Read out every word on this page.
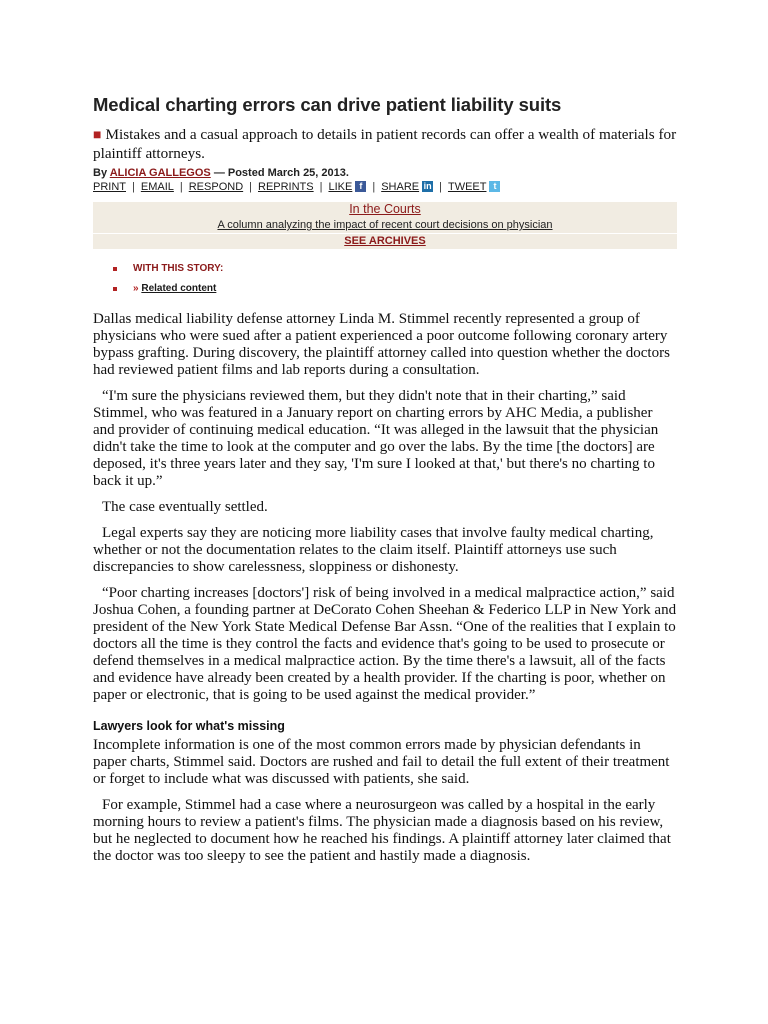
Medical charting errors can drive patient liability suits
■ Mistakes and a casual approach to details in patient records can offer a wealth of materials for plaintiff attorneys.
By ALICIA GALLEGOS — Posted March 25, 2013.
PRINT | EMAIL | RESPOND | REPRINTS | LIKE f | SHARE in | TWEET t
In the Courts
A column analyzing the impact of recent court decisions on physician
SEE ARCHIVES
WITH THIS STORY:
» Related content

Dallas medical liability defense attorney Linda M. Stimmel recently represented a group of physicians who were sued after a patient experienced a poor outcome following coronary artery bypass grafting. During discovery, the plaintiff attorney called into question whether the doctors had reviewed patient films and lab reports during a consultation.

“I'm sure the physicians reviewed them, but they didn't note that in their charting,” said Stimmel, who was featured in a January report on charting errors by AHC Media, a publisher and provider of continuing medical education. “It was alleged in the lawsuit that the physician didn't take the time to look at the computer and go over the labs. By the time [the doctors] are deposed, it's three years later and they say, 'I'm sure I looked at that,' but there's no charting to back it up.”

The case eventually settled.

Legal experts say they are noticing more liability cases that involve faulty medical charting, whether or not the documentation relates to the claim itself. Plaintiff attorneys use such discrepancies to show carelessness, sloppiness or dishonesty.

“Poor charting increases [doctors'] risk of being involved in a medical malpractice action,” said Joshua Cohen, a founding partner at DeCorato Cohen Sheehan & Federico LLP in New York and president of the New York State Medical Defense Bar Assn. “One of the realities that I explain to doctors all the time is they control the facts and evidence that's going to be used to prosecute or defend themselves in a medical malpractice action. By the time there's a lawsuit, all of the facts and evidence have already been created by a health provider. If the charting is poor, whether on paper or electronic, that is going to be used against the medical provider.”

Lawyers look for what's missing

Incomplete information is one of the most common errors made by physician defendants in paper charts, Stimmel said. Doctors are rushed and fail to detail the full extent of their treatment or forget to include what was discussed with patients, she said.

For example, Stimmel had a case where a neurosurgeon was called by a hospital in the early morning hours to review a patient's films. The physician made a diagnosis based on his review, but he neglected to document how he reached his findings. A plaintiff attorney later claimed that the doctor was too sleepy to see the patient and hastily made a diagnosis.
